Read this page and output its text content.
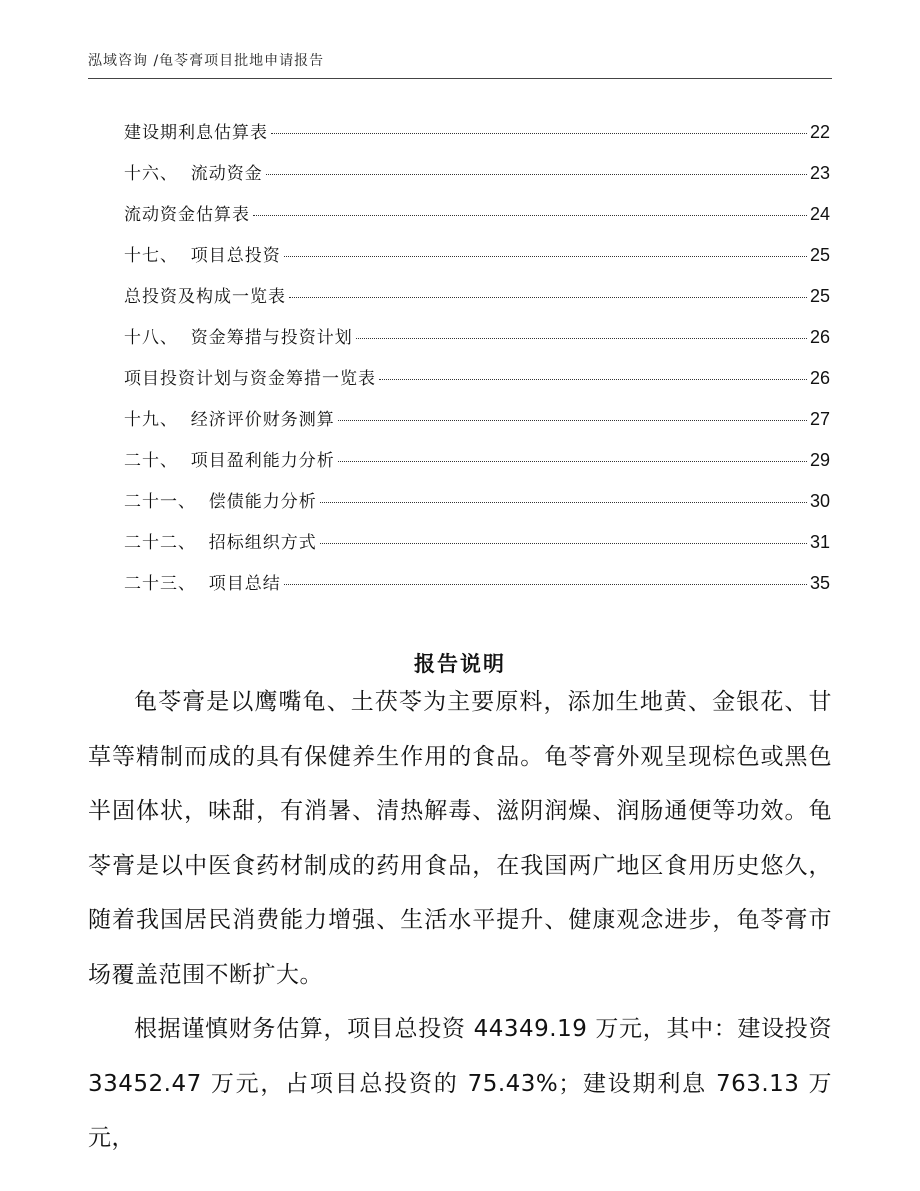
泓域咨询 /龟苓膏项目批地申请报告
建设期利息估算表	22
十六、  流动资金	23
流动资金估算表	24
十七、  项目总投资	25
总投资及构成一览表	25
十八、  资金筹措与投资计划	26
项目投资计划与资金筹措一览表	26
十九、  经济评价财务测算	27
二十、  项目盈利能力分析	29
二十一、  偿债能力分析	30
二十二、  招标组织方式	31
二十三、  项目总结	35
报告说明

龟苓膏是以鹰嘴龟、土茯苓为主要原料，添加生地黄、金银花、甘草等精制而成的具有保健养生作用的食品。龟苓膏外观呈现棕色或黑色半固体状，味甜，有消暑、清热解毒、滋阴润燥、润肠通便等功效。龟苓膏是以中医食药材制成的药用食品，在我国两广地区食用历史悠久，随着我国居民消费能力增强、生活水平提升、健康观念进步，龟苓膏市场覆盖范围不断扩大。

根据谨慎财务估算，项目总投资 44349.19 万元，其中：建设投资 33452.47 万元，占项目总投资的 75.43%；建设期利息 763.13 万元，
